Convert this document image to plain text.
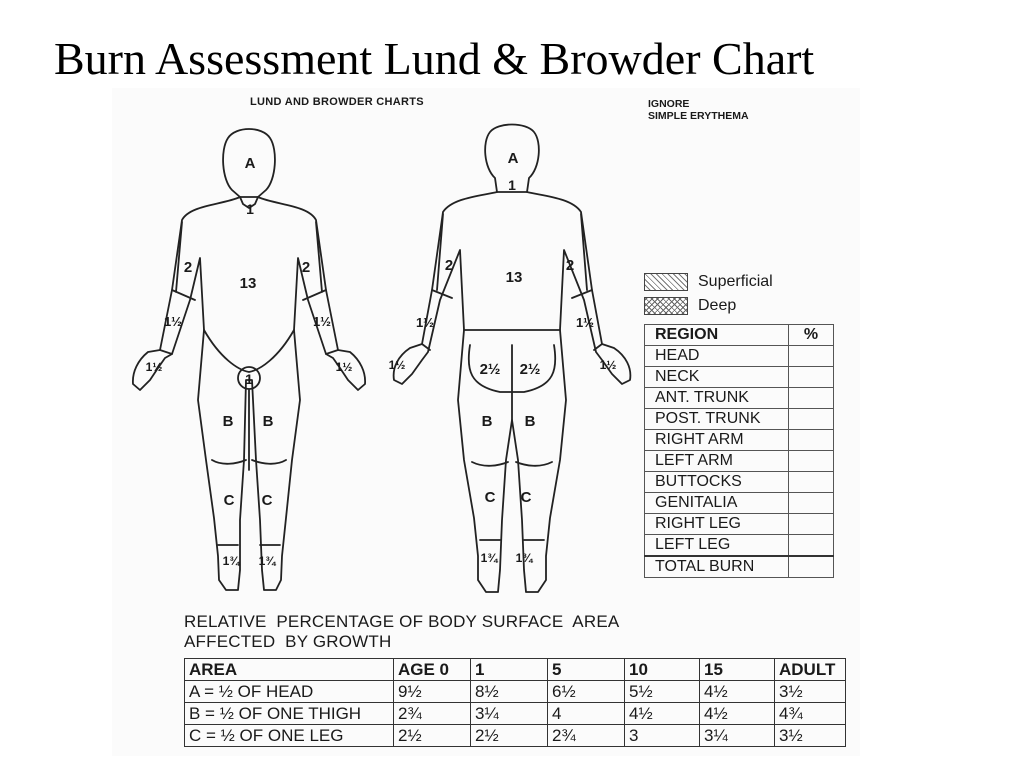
Burn Assessment Lund & Browder Chart
LUND AND BROWDER CHARTS	IGNORE
SIMPLE ERYTHEMA
A
1
13
2	2
1½	1½
1½	1½
1
B B
C C
1¾ 1¾
A
1
13
2	2
1½	1½
1½	1½
2½ 2½
B B
C C
1¾ 1¾
Superficial
Deep
REGION	%
HEAD	
NECK	
ANT. TRUNK	
POST. TRUNK	
RIGHT ARM	
LEFT ARM	
BUTTOCKS	
GENITALIA	
RIGHT LEG	
LEFT LEG	
TOTAL BURN	
RELATIVE  PERCENTAGE OF BODY SURFACE  AREA
AFFECTED  BY GROWTH
AREA	AGE 0	1	5	10	15	ADULT
A = ½ OF HEAD	9½	8½	6½	5½	4½	3½
B = ½ OF ONE THIGH	2¾	3¼	4	4½	4½	4¾
C = ½ OF ONE LEG	2½	2½	2¾	3	3¼	3½
